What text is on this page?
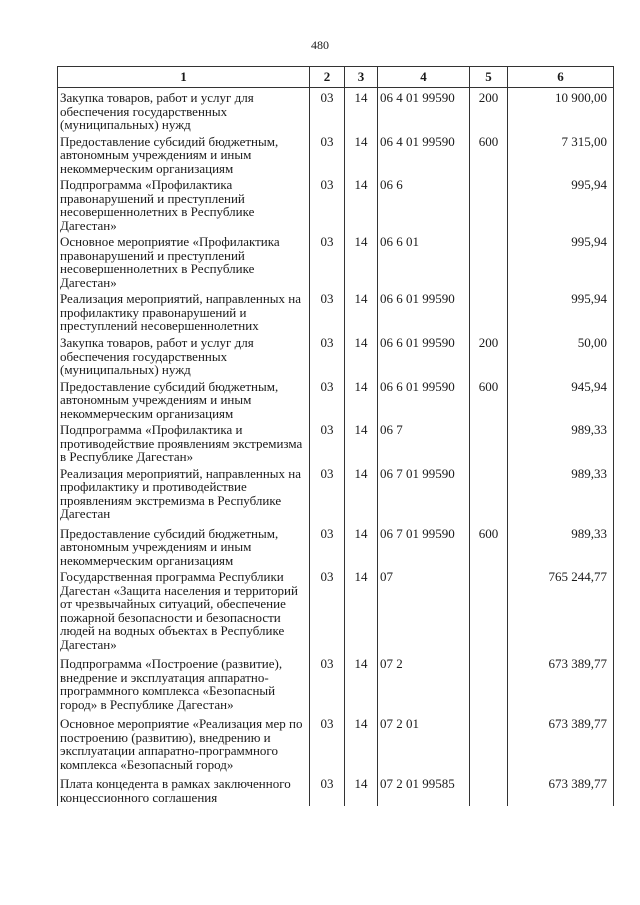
480
1	2	3	4	5	6
Закупка товаров, работ и услуг для обеспечения государственных (муниципальных) нужд	03	14	06 4 01 99590	200	10 900,00
Предоставление субсидий бюджетным, автономным учреждениям и иным некоммерческим организациям	03	14	06 4 01 99590	600	7 315,00
Подпрограмма «Профилактика правонарушений и преступлений несовершеннолетних в Республике Дагестан»	03	14	06 6		995,94
Основное мероприятие «Профилактика правонарушений и преступлений несовершеннолетних в Республике Дагестан»	03	14	06 6 01		995,94
Реализация мероприятий, направленных на профилактику правонарушений и преступлений несовершеннолетних	03	14	06 6 01 99590		995,94
Закупка товаров, работ и услуг для обеспечения государственных (муниципальных) нужд	03	14	06 6 01 99590	200	50,00
Предоставление субсидий бюджетным, автономным учреждениям и иным некоммерческим организациям	03	14	06 6 01 99590	600	945,94
Подпрограмма «Профилактика и противодействие проявлениям экстремизма в Республике Дагестан»	03	14	06 7		989,33
Реализация мероприятий, направленных на профилактику и противодействие проявлениям экстремизма в Республике Дагестан	03	14	06 7 01 99590		989,33
Предоставление субсидий бюджетным, автономным учреждениям и иным некоммерческим организациям	03	14	06 7 01 99590	600	989,33
Государственная программа Республики Дагестан «Защита населения и территорий от чрезвычайных ситуаций, обеспечение пожарной безопасности и безопасности людей на водных объектах в Республике Дагестан»	03	14	07		765 244,77
Подпрограмма «Построение (развитие), внедрение и эксплуатация аппаратно-программного комплекса «Безопасный город» в Республике Дагестан»	03	14	07 2		673 389,77
Основное мероприятие «Реализация мер по построению (развитию), внедрению и эксплуатации аппаратно-программного комплекса «Безопасный город»	03	14	07 2 01		673 389,77
Плата концедента в рамках заключенного концессионного соглашения	03	14	07 2 01 99585		673 389,77
